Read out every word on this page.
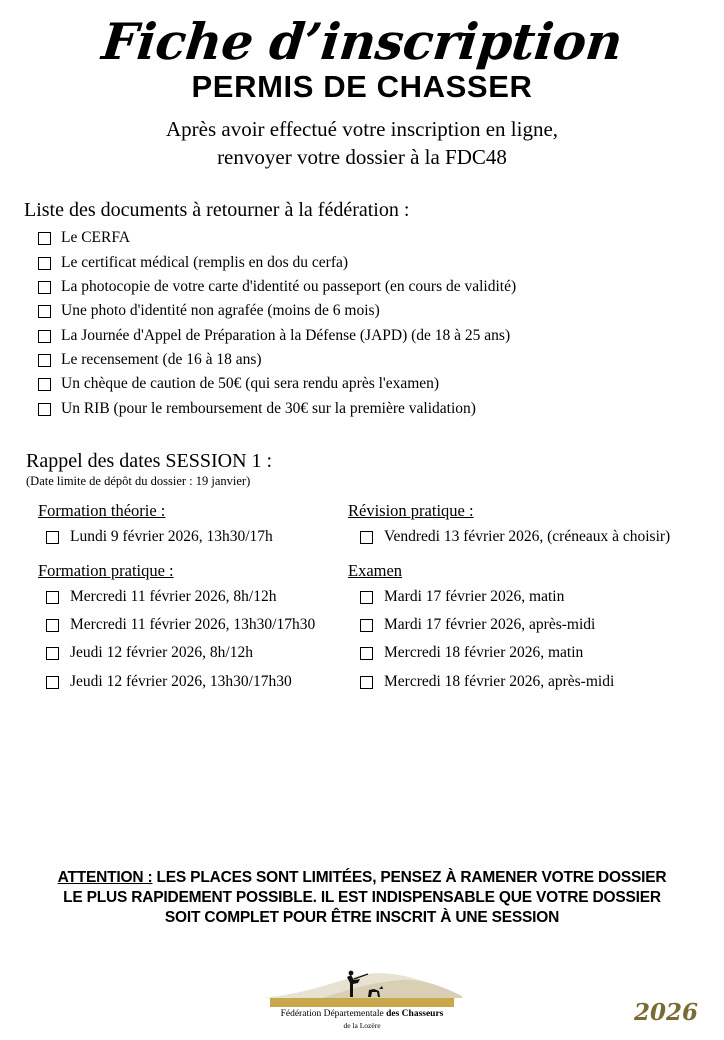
Fiche d’inscription
PERMIS DE CHASSER
Après avoir effectué votre inscription en ligne,
renvoyer votre dossier à la FDC48
Liste des documents à retourner à la fédération :
Le CERFA
Le certificat médical (remplis en dos du cerfa)
La photocopie de votre carte d'identité ou passeport (en cours de validité)
Une photo d'identité non agrafée (moins de 6 mois)
La Journée d'Appel de Préparation à la Défense (JAPD) (de 18 à 25 ans)
Le recensement (de 16 à 18 ans)
Un chèque de caution de 50€ (qui sera rendu après l'examen)
Un RIB (pour le remboursement de 30€ sur la première validation)
Rappel des dates SESSION 1 :
(Date limite de dépôt du dossier : 19 janvier)
Formation théorie :
Lundi 9 février 2026, 13h30/17h
Formation pratique :
Mercredi 11 février 2026, 8h/12h
Mercredi 11 février 2026, 13h30/17h30
Jeudi 12 février 2026, 8h/12h
Jeudi 12 février 2026, 13h30/17h30
Révision pratique :
Vendredi 13 février 2026, (créneaux à choisir)
Examen
Mardi 17 février 2026, matin
Mardi 17 février 2026, après-midi
Mercredi 18 février 2026, matin
Mercredi 18 février 2026, après-midi
ATTENTION : LES PLACES SONT LIMITÉES, PENSEZ À RAMENER VOTRE DOSSIER
LE PLUS RAPIDEMENT POSSIBLE. IL EST INDISPENSABLE QUE VOTRE DOSSIER
SOIT COMPLET POUR ÊTRE INSCRIT À UNE SESSION
Fédération Départementale des Chasseurs
de la Lozère	2026
